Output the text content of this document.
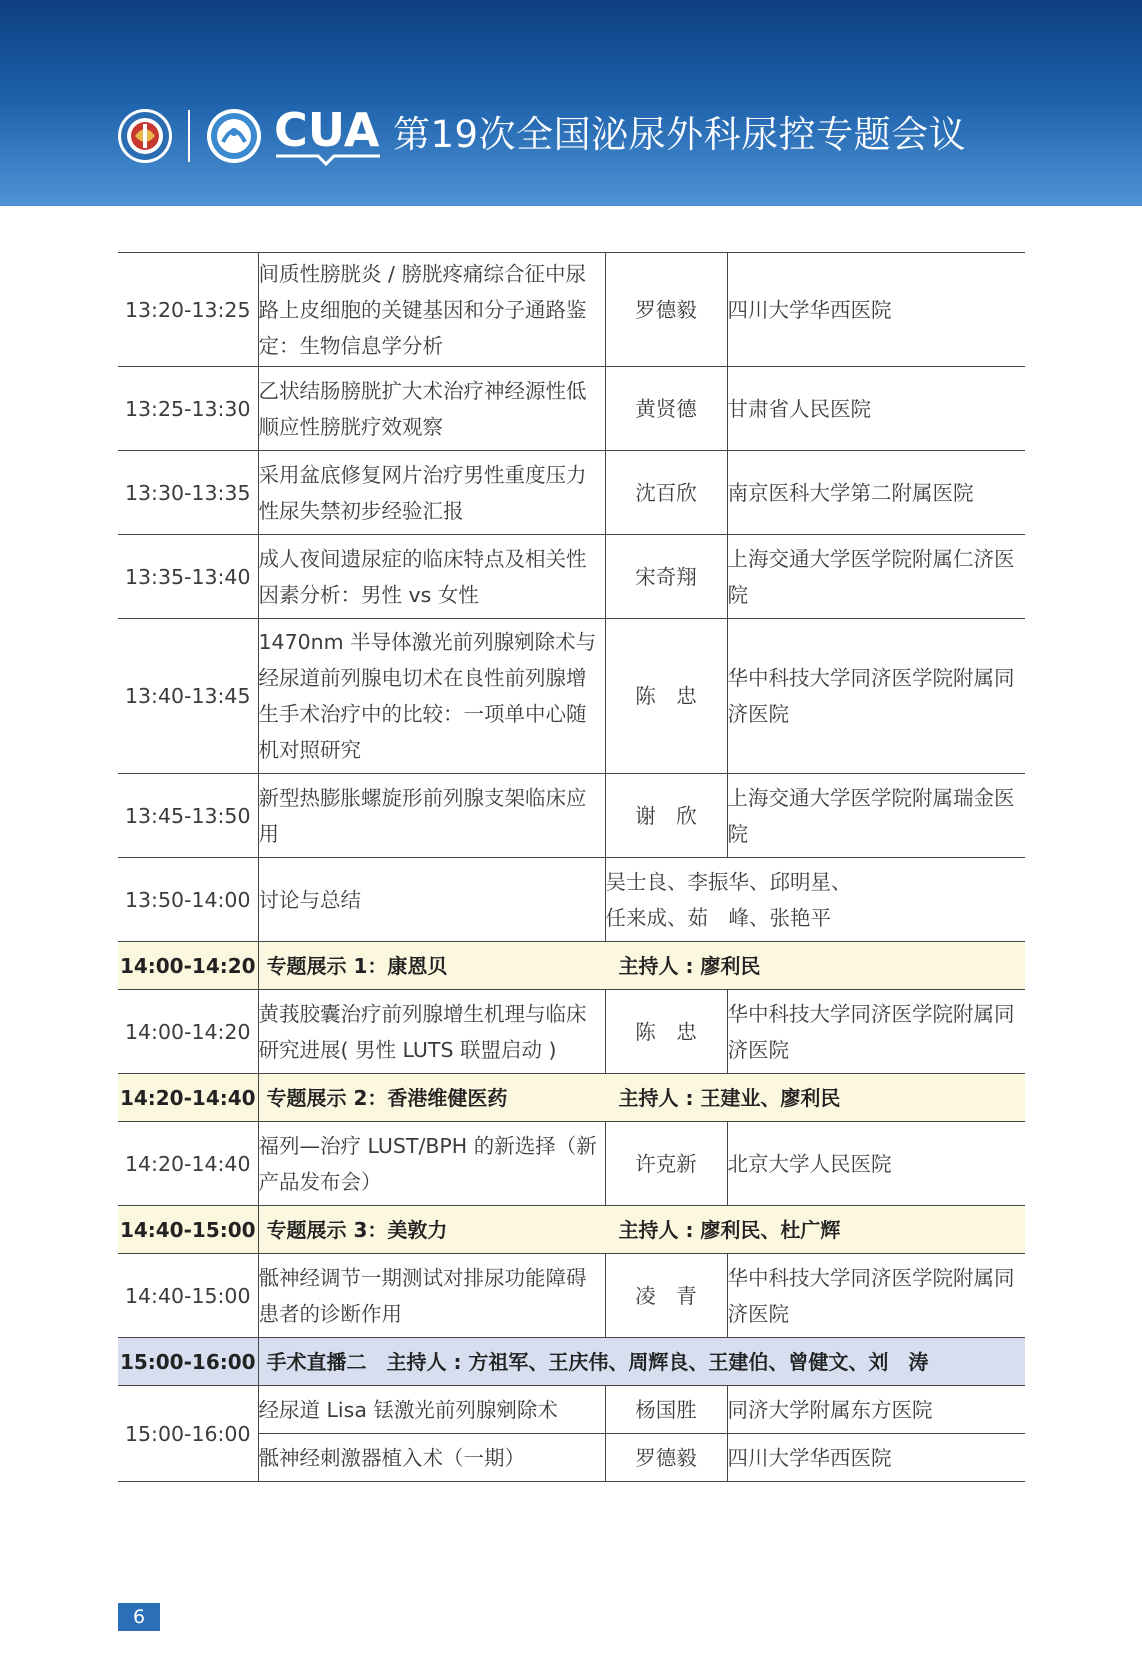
CUA 第19次全国泌尿外科尿控专题会议
13:20-13:25	间质性膀胱炎 / 膀胱疼痛综合征中尿路上皮细胞的关键基因和分子通路鉴定：生物信息学分析	罗德毅	四川大学华西医院
13:25-13:30	乙状结肠膀胱扩大术治疗神经源性低顺应性膀胱疗效观察	黄贤德	甘肃省人民医院
13:30-13:35	采用盆底修复网片治疗男性重度压力性尿失禁初步经验汇报	沈百欣	南京医科大学第二附属医院
13:35-13:40	成人夜间遗尿症的临床特点及相关性因素分析：男性 vs 女性	宋奇翔	上海交通大学医学院附属仁济医院
13:40-13:45	1470nm 半导体激光前列腺剜除术与经尿道前列腺电切术在良性前列腺增生手术治疗中的比较：一项单中心随机对照研究	陈　忠	华中科技大学同济医学院附属同济医院
13:45-13:50	新型热膨胀螺旋形前列腺支架临床应用	谢　欣	上海交通大学医学院附属瑞金医院
13:50-14:00	讨论与总结	吴士良、李振华、邱明星、
任来成、茹　峰、张艳平	

14:00-14:20	专题展示 1：康恩贝 主持人 : 廖利民		

14:00-14:20	黄莪胶囊治疗前列腺增生机理与临床研究进展( 男性 LUTS 联盟启动 )	陈　忠	华中科技大学同济医学院附属同济医院
14:20-14:40	专题展示 2：香港维健医药 主持人 : 王建业、廖利民		

14:20-14:40	福列—治疗 LUST/BPH 的新选择（新产品发布会）	许克新	北京大学人民医院
14:40-15:00	专题展示 3：美敦力 主持人 : 廖利民、杜广辉		

14:40-15:00	骶神经调节一期测试对排尿功能障碍患者的诊断作用	凌　青	华中科技大学同济医学院附属同济医院
15:00-16:00	手术直播二　主持人 : 方祖军、王庆伟、周辉良、王建伯、曾健文、刘　涛		

15:00-16:00	经尿道 Lisa 铥激光前列腺剜除术	杨国胜	同济大学附属东方医院
	骶神经刺激器植入术（一期）	罗德毅	四川大学华西医院
6
